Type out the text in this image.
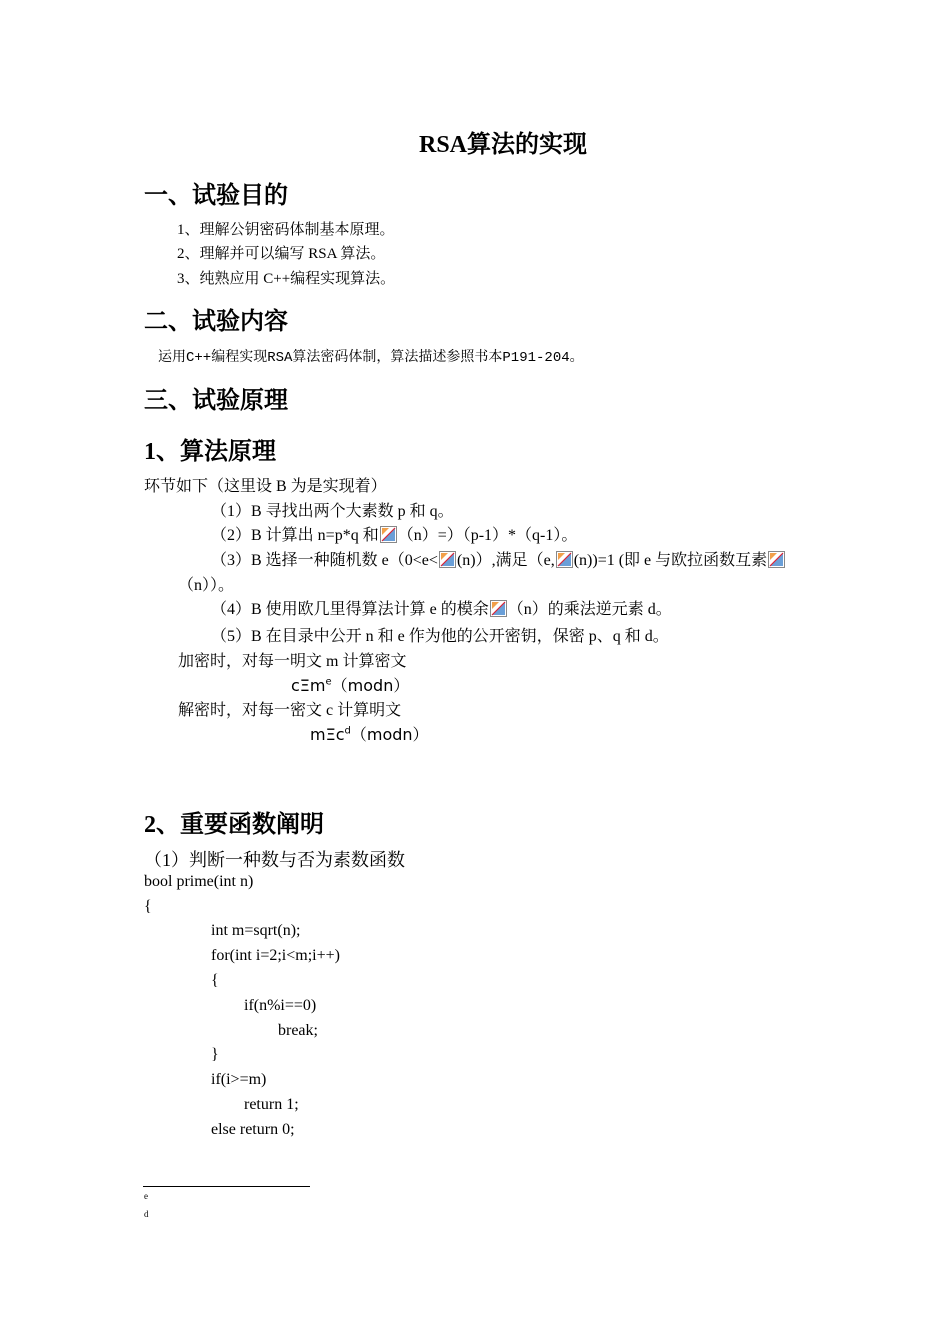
RSA算法的实现
一、试验目的
1、理解公钥密码体制基本原理。
2、理解并可以编写 RSA 算法。
3、纯熟应用 C++编程实现算法。
二、试验内容
运用C++编程实现RSA算法密码体制，算法描述参照书本P191-204。
三、试验原理
1、算法原理
环节如下（这里设 B 为是实现着）
（1）B 寻找出两个大素数 p 和 q。
（2）B 计算出 n=p*q 和 （n）=）（p-1）*（q-1）。
（3）B 选择一种随机数 e（0<e< (n)）,满足（e, (n))=1 (即 e 与欧拉函数互素
（n））。
（4）B 使用欧几里得算法计算 e 的模余 （n）的乘法逆元素 d。
（5）B 在目录中公开 n 和 e 作为他的公开密钥，保密 p、q 和 d。
加密时，对每一明文 m 计算密文
cΞm$^e$（modn）
解密时，对每一密文 c 计算明文
mΞc$^d$（modn）
2、重要函数阐明
（1）判断一种数与否为素数函数
bool prime(int n)
{
int m=sqrt(n);
for(int i=2;i<m;i++)
{
if(n%i==0)
break;
}
if(i>=m)
return 1;
else return 0;
e
d
